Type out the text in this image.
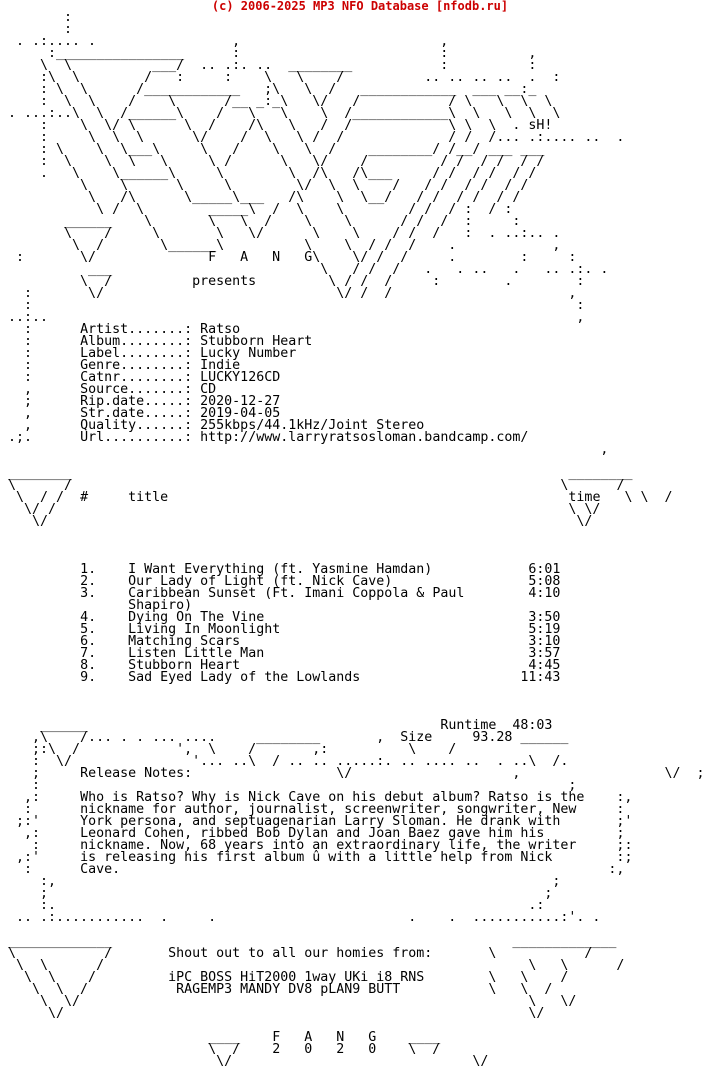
(c) 2006-2025 MP3 NFO Database [nfodb.ru]
:
:
. .:.... .                 ,                         ,
:________________      :                         :          ,
\  \          ___/  .. .:. ..  ________           :          :
:\  \        /   :     :    \   \    /          .. .. .. ..  .  :
: \  \      /____________   ;\   \  /   ____________  ___ __:_
:  \  \    /    \      /__ _:_\   \/   /           / \   \  \  \
. ...:..\  \  /______\    /   \   \    \  /____________\  \   \  \  \
:    \  \/ \      \  /    /\   \   /  /            \ \  \  . sH!
:     \  \  \      \/    /  \   \ /  /             / /  /... .:.... ..  .
: \    \  \___\     \   /    \   \  /    ________/ /__/ ___ ___
:  \    \  \   \     \ /      \   \/    /         / /  / /  / /
.   \    \______\     \        \  /\   /\___     / /  / /  / /
\    \      \     \        \/  \  \    /   / /  / /  / /
\   /\      \_____\___   /\    \  \__/   / /  / /  / /
\ /  \        _____\  /  \    \        / /  / :  / :
______    \       \   \  /    \    \      / /  /  :     :
\    /     \       \   \/      \    \    / /  /   :  . ..:.. .
\  /       \______\          \    \  / /  /    .            ,
:       \/              F   A   N   G\    \/ /  /     .        :     :
___                          \   / /  /   .   . ..   .   .. .:. .
\  /          presents         \ / /  /     :        .        :
:       \/                             \/ /  /                      ,
:                                                                    :
..:..                                                                  ,
:      Artist.......: Ratso
:      Album........: Stubborn Heart
:      Label........: Lucky Number
:      Genre........: Indie
:      Catnr........: LUCKY126CD
,      Source.......: CD
;      Rip.date.....: 2020-12-27
,      Str.date.....: 2019-04-05
,      Quality......: 255kbps/44.1kHz/Joint Stereo
.;.      Url..........: http://www.larryratsosloman.bandcamp.com/
,

________	________
\      /	\      /
\  / /  #	title	time   \ \  /
\/ /	\ \/
\/	\/

1. I Want Everything (ft. Yasmine Hamdan)	6:01
2. Our Lady of Light (ft. Nick Cave)	5:08
3. Caribbean Sunset (Ft. Imani Coppola & Paul	4:10
Shapiro)
4. Dying On The Vine	3:50
5. Living In Moonlight	5:19
6. Matching Scars	3:10
7. Listen Little Man	3:57
8. Stubborn Heart	4:45
9. Sad Eyed Lady of the Lowlands	11:43

______	Runtime 48:03
,\    /... . . ... ....     ________       ,  Size	93.28 ______
;:\  /            ',  \    /       ,:          \    /
:  \/               '... ..\  / .. .. .....:. .. .... ..  . ..\  /.
;     Release Notes:                  \/                    ,                  \/  ;
:                                                                  ;
,:     Who is Ratso? Why is Nick Cave on his debut album? Ratso is the    :,
:      nickname for author, journalist, screenwriter, songwriter, New     :
;:'     York persona, and septuagenarian Larry Sloman. He drank with       ;'
,:     Leonard Cohen, ribbed Bob Dylan and Joan Baez gave him his         ;
:     nickname. Now, 68 years into an extraordinary life, the writer     ;:
,:'     is releasing his first album û with a little help from Nick        :;
:      Cave.                                                             :,
:,                                                              ;
;                                                              ;
:.                                                           .:
.. .:...........  .     .                        .    .  ...........:'. .

_____________	_____________
\           /       Shout out to all our homies from:       \           /
\  \      /	\   \      /
\  \    /         iPC BOSS HiT2000 1way UKi i8 RNS        \   \    /
\  \  /           RAGEMP3 MANDY DV8 pLAN9 BUTT           \   \  /
\  \/	\   \/
\/	\/

____    F   A   N   G    ____
\  /    2   0   2   0    \  /
\/	\/
